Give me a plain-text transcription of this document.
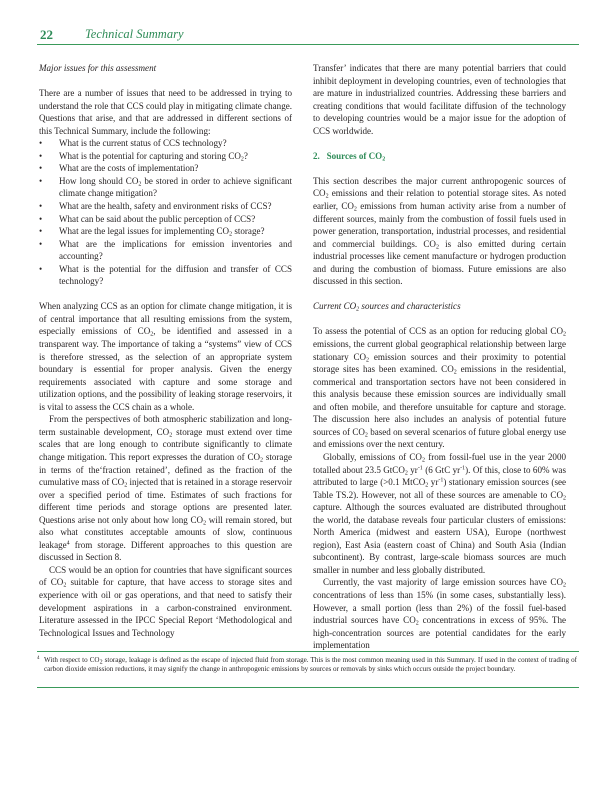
22	Technical Summary

Major issues for this assessment

There are a number of issues that need to be addressed in trying to understand the role that CCS could play in mitigating climate change. Questions that arise, and that are addressed in different sections of this Technical Summary, include the following:

• What is the current status of CCS technology?
• What is the potential for capturing and storing $CO_2$?
• What are the costs of implementation?
• How long should $CO_2$ be stored in order to achieve significant climate change mitigation?
• What are the health, safety and environment risks of CCS?
• What can be said about the public perception of CCS?
• What are the legal issues for implementing $CO_2$ storage?
• What are the implications for emission inventories and accounting?
• What is the potential for the diffusion and transfer of CCS technology?

When analyzing CCS as an option for climate change mitigation, it is of central importance that all resulting emissions from the system, especially emissions of $CO_2$, be identified and assessed in a transparent way. The importance of taking a “systems” view of CCS is therefore stressed, as the selection of an appropriate system boundary is essential for proper analysis. Given the energy requirements associated with capture and some storage and utilization options, and the possibility of leaking storage reservoirs, it is vital to assess the CCS chain as a whole.

From the perspectives of both atmospheric stabilization and long-term sustainable development, $CO_2$ storage must extend over time scales that are long enough to contribute significantly to climate change mitigation. This report expresses the duration of $CO_2$ storage in terms of the‘fraction retained’, defined as the fraction of the cumulative mass of $CO_2$ injected that is retained in a storage reservoir over a specified period of time. Estimates of such fractions for different time periods and storage options are presented later. Questions arise not only about how long $CO_2$ will remain stored, but also what constitutes acceptable amounts of slow, continuous leakage$^4$ from storage. Different approaches to this question are discussed in Section 8.

CCS would be an option for countries that have significant sources of $CO_2$ suitable for capture, that have access to storage sites and experience with oil or gas operations, and that need to satisfy their development aspirations in a carbon-constrained environment. Literature assessed in the IPCC Special Report ‘Methodological and Technological Issues and Technology

Transfer’ indicates that there are many potential barriers that could inhibit deployment in developing countries, even of technologies that are mature in industrialized countries. Addressing these barriers and creating conditions that would facilitate diffusion of the technology to developing countries would be a major issue for the adoption of CCS worldwide.

2. Sources of $CO_2$

This section describes the major current anthropogenic sources of $CO_2$ emissions and their relation to potential storage sites. As noted earlier, $CO_2$ emissions from human activity arise from a number of different sources, mainly from the combustion of fossil fuels used in power generation, transportation, industrial processes, and residential and commercial buildings. $CO_2$ is also emitted during certain industrial processes like cement manufacture or hydrogen production and during the combustion of biomass. Future emissions are also discussed in this section.

Current $CO_2$ sources and characteristics

To assess the potential of CCS as an option for reducing global $CO_2$ emissions, the current global geographical relationship between large stationary $CO_2$ emission sources and their proximity to potential storage sites has been examined. $CO_2$ emissions in the residential, commerical and transportation sectors have not been considered in this analysis because these emission sources are individually small and often mobile, and therefore unsuitable for capture and storage. The discussion here also includes an analysis of potential future sources of $CO_2$ based on several scenarios of future global energy use and emissions over the next century.

Globally, emissions of $CO_2$ from fossil-fuel use in the year 2000 totalled about 23.5 GtCO$_2$ $yr^{-1}$ (6 GtC $yr^{-1}$). Of this, close to 60% was attributed to large (>0.1 MtCO$_2$ $yr^{-1}$) stationary emission sources (see Table TS.2). However, not all of these sources are amenable to $CO_2$ capture. Although the sources evaluated are distributed throughout the world, the database reveals four particular clusters of emissions: North America (midwest and eastern USA), Europe (northwest region), East Asia (eastern coast of China) and South Asia (Indian subcontinent). By contrast, large-scale biomass sources are much smaller in number and less globally distributed.

Currently, the vast majority of large emission sources have $CO_2$ concentrations of less than 15% (in some cases, substantially less). However, a small portion (less than 2%) of the fossil fuel-based industrial sources have $CO_2$ concentrations in excess of 95%. The high-concentration sources are potential candidates for the early implementation

4 With respect to $CO_2$ storage, leakage is defined as the escape of injected fluid from storage. This is the most common meaning used in this Summary. If used in the context of trading of carbon dioxide emission reductions, it may signify the change in anthropogenic emissions by sources or removals by sinks which occurs outside the project boundary.
